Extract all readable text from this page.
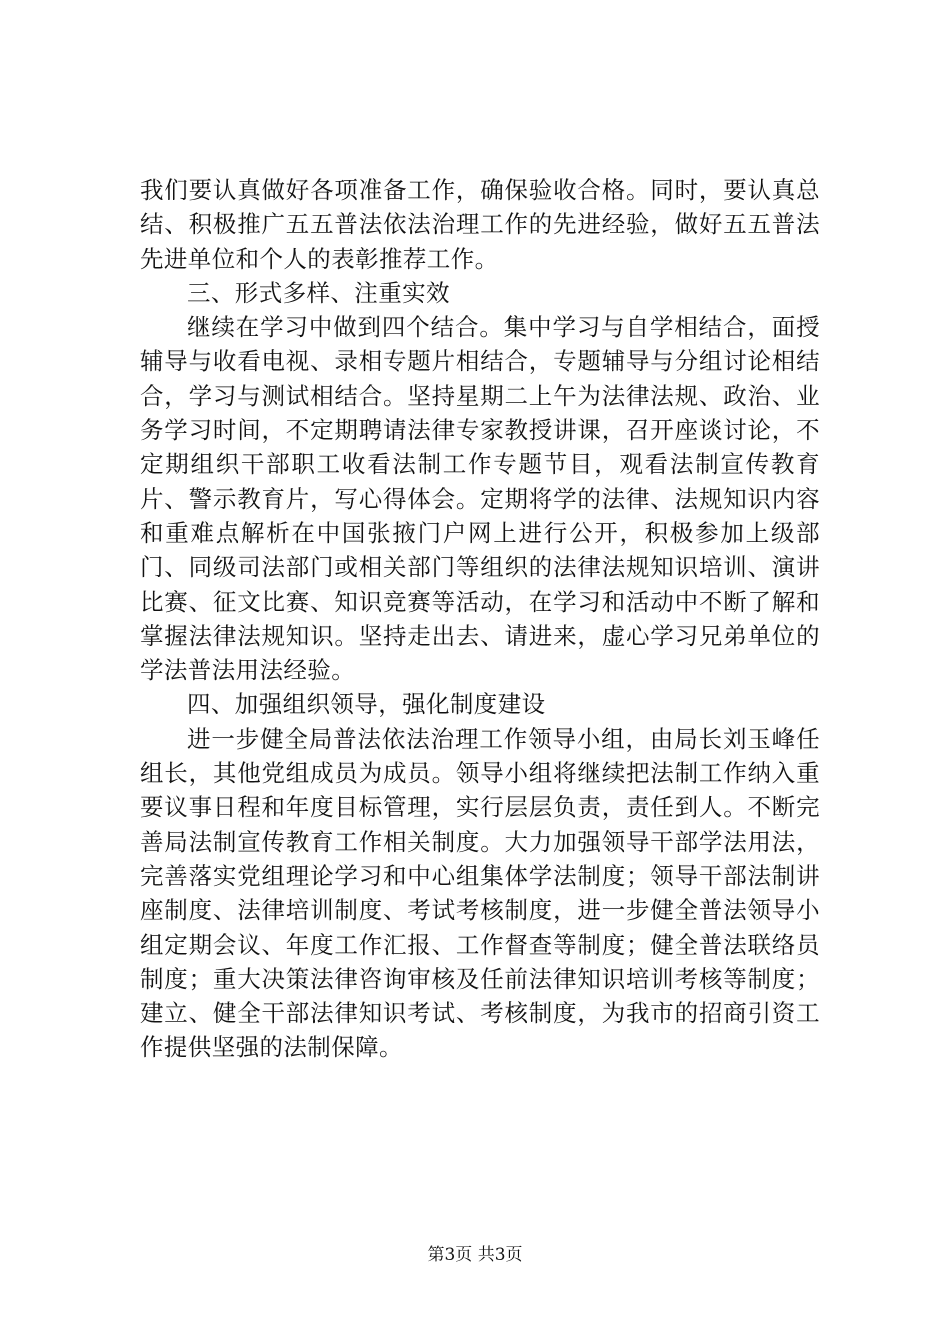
我们要认真做好各项准备工作，确保验收合格。同时，要认真总结、积极推广五五普法依法治理工作的先进经验，做好五五普法先进单位和个人的表彰推荐工作。

三、形式多样、注重实效

继续在学习中做到四个结合。集中学习与自学相结合，面授辅导与收看电视、录相专题片相结合，专题辅导与分组讨论相结合，学习与测试相结合。坚持星期二上午为法律法规、政治、业务学习时间，不定期聘请法律专家教授讲课，召开座谈讨论，不定期组织干部职工收看法制工作专题节目，观看法制宣传教育片、警示教育片，写心得体会。定期将学的法律、法规知识内容和重难点解析在中国张掖门户网上进行公开，积极参加上级部门、同级司法部门或相关部门等组织的法律法规知识培训、演讲比赛、征文比赛、知识竞赛等活动，在学习和活动中不断了解和掌握法律法规知识。坚持走出去、请进来，虚心学习兄弟单位的学法普法用法经验。

四、加强组织领导，强化制度建设

进一步健全局普法依法治理工作领导小组，由局长刘玉峰任组长，其他党组成员为成员。领导小组将继续把法制工作纳入重要议事日程和年度目标管理，实行层层负责，责任到人。不断完善局法制宣传教育工作相关制度。大力加强领导干部学法用法，完善落实党组理论学习和中心组集体学法制度；领导干部法制讲座制度、法律培训制度、考试考核制度，进一步健全普法领导小组定期会议、年度工作汇报、工作督查等制度；健全普法联络员制度；重大决策法律咨询审核及任前法律知识培训考核等制度；建立、健全干部法律知识考试、考核制度，为我市的招商引资工作提供坚强的法制保障。

第3页 共3页
